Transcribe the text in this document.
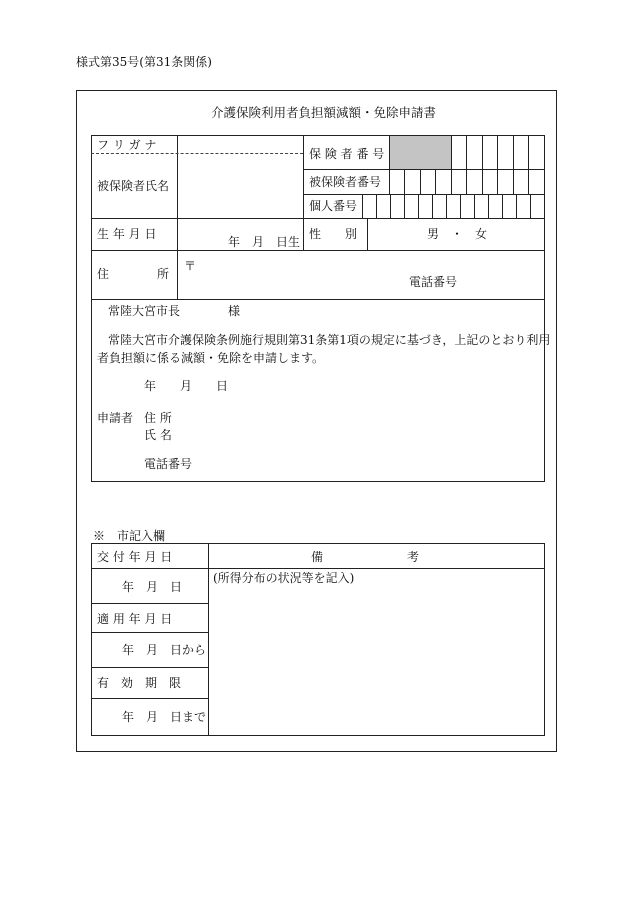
様式第35号(第31条関係)
介護保険利用者負担額減額・免除申請書
フ リ ガ ナ
被保険者氏名
保 険 者 番 号
被保険者番号
個人番号
生 年 月 日
年　月　日生
性　　別	男　・　女
住　　　　所
〒
電話番号
常陸大宮市長	様
常陸大宮市介護保険条例施行規則第31条第1項の規定に基づき，上記のとおり利用
者負担額に係る減額・免除を申請します。
年　　月　　日
申請者 住 所
氏 名
電話番号
※　市記入欄
交 付 年 月 日
年　月　日
適 用 年 月 日
年　月　日から
有　効　期　限
年　月　日まで
備　　　　　　　考
(所得分布の状況等を記入)
